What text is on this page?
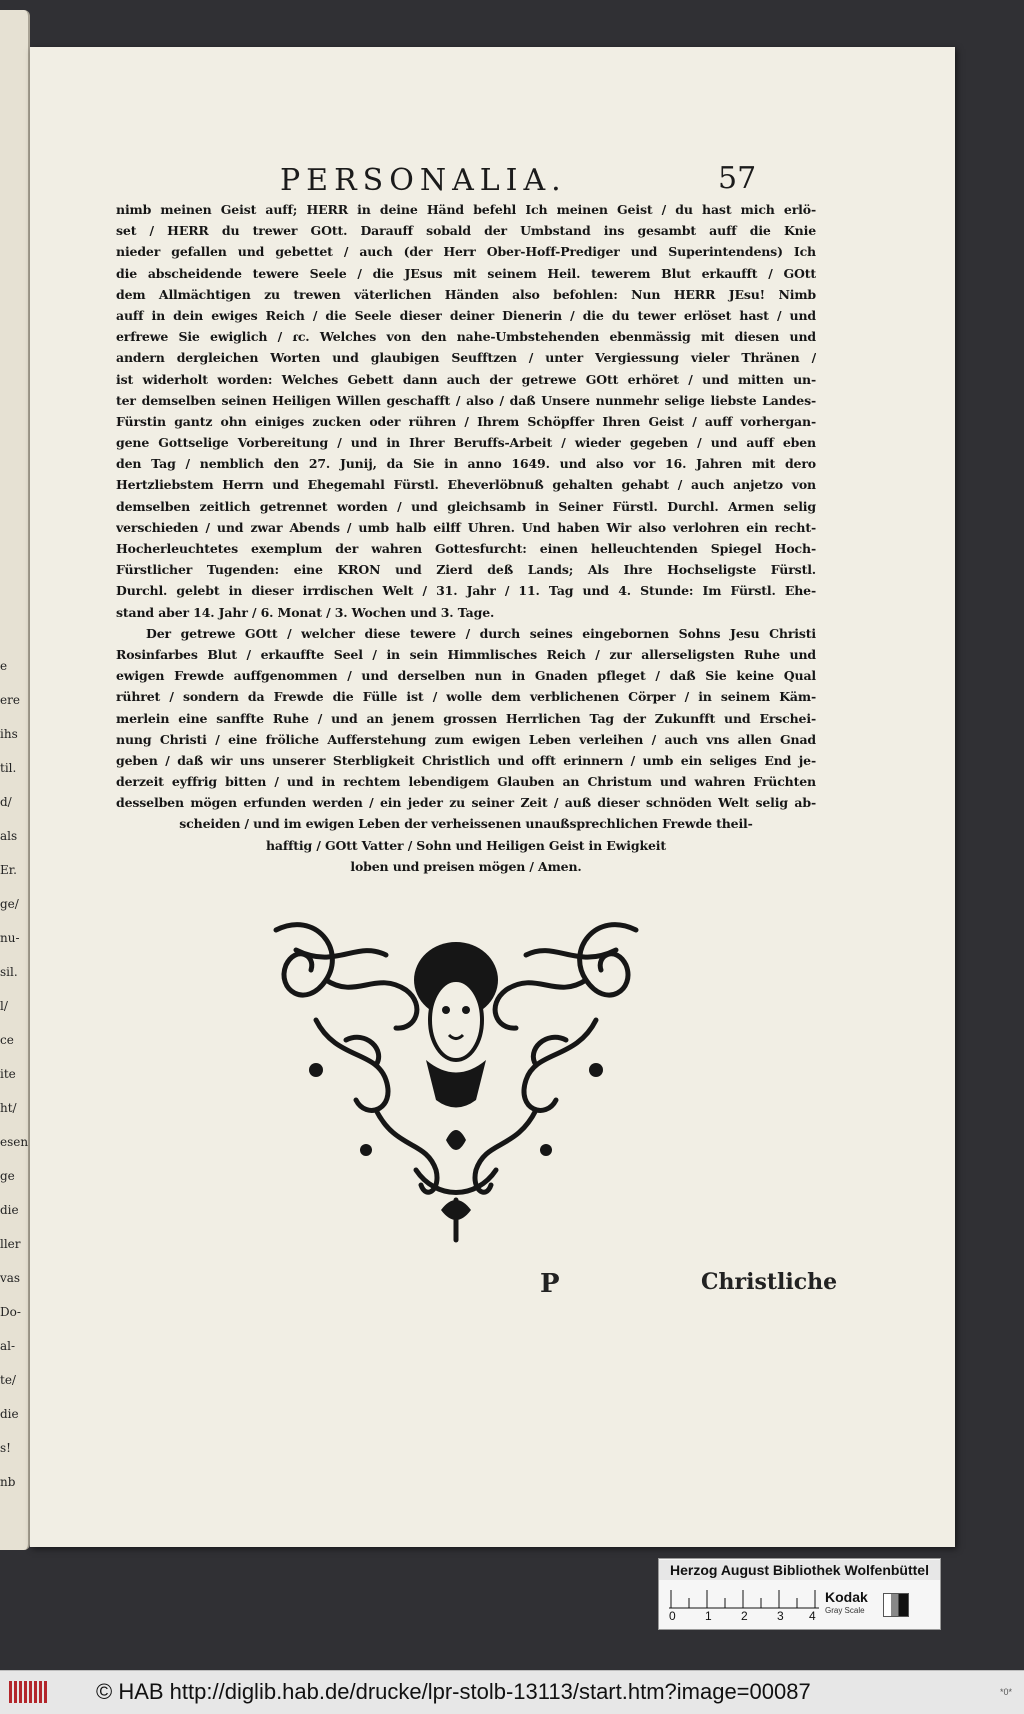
e
ere
ihs
til.
d/
als
Er.
ge/
nu-
sil.
l/
ce
ite
ht/
esen
ge
die
ller
vas
Do-
al-
te/
die
s!
nb
PERSONALIA.	57
nimb meinen Geist auff; HERR in deine Händ befehl Ich meinen Geist / du hast mich erlö-
set / HERR du trewer GOtt. Darauff sobald der Umbstand ins gesambt auff die Knie
nieder gefallen und gebettet / auch (der Herr Ober-Hoff-Prediger und Superintendens) Ich
die abscheidende tewere Seele / die JEsus mit seinem Heil. tewerem Blut erkaufft / GOtt
dem Allmächtigen zu trewen väterlichen Händen also befohlen: Nun HERR JEsu! Nimb
auff in dein ewiges Reich / die Seele dieser deiner Dienerin / die du tewer erlöset hast / und
erfrewe Sie ewiglich / ɾc. Welches von den nahe-Umbstehenden ebenmässig mit diesen und
andern dergleichen Worten und glaubigen Seufftzen / unter Vergiessung vieler Thränen /
ist widerholt worden: Welches Gebett dann auch der getrewe GOtt erhöret / und mitten un-
ter demselben seinen Heiligen Willen geschafft / also / daß Unsere nunmehr selige liebste Landes-
Fürstin gantz ohn einiges zucken oder rühren / Ihrem Schöpffer Ihren Geist / auff vorhergan-
gene Gottselige Vorbereitung / und in Ihrer Beruffs-Arbeit / wieder gegeben / und auff eben
den Tag / nemblich den 27. Junij, da Sie in anno 1649. und also vor 16. Jahren mit dero
Hertzliebstem Herrn und Ehegemahl Fürstl. Eheverlöbnuß gehalten gehabt / auch anjetzo von
demselben zeitlich getrennet worden / und gleichsamb in Seiner Fürstl. Durchl. Armen selig
verschieden / und zwar Abends / umb halb eilff Uhren. Und haben Wir also verlohren ein recht-
Hocherleuchtetes exemplum der wahren Gottesfurcht: einen helleuchtenden Spiegel Hoch-
Fürstlicher Tugenden: eine KRON und Zierd deß Lands; Als Ihre Hochseligste Fürstl.
Durchl. gelebt in dieser irrdischen Welt / 31. Jahr / 11. Tag und 4. Stunde: Im Fürstl. Ehe-
stand aber 14. Jahr / 6. Monat / 3. Wochen und 3. Tage.
Der getrewe GOtt / welcher diese tewere / durch seines eingebornen Sohns Jesu Christi
Rosinfarbes Blut / erkauffte Seel / in sein Himmlisches Reich / zur allerseligsten Ruhe und
ewigen Frewde auffgenommen / und derselben nun in Gnaden pfleget / daß Sie keine Qual
rühret / sondern da Frewde die Fülle ist / wolle dem verblichenen Cörper / in seinem Käm-
merlein eine sanffte Ruhe / und an jenem grossen Herrlichen Tag der Zukunfft und Erschei-
nung Christi / eine fröliche Aufferstehung zum ewigen Leben verleihen / auch vns allen Gnad
geben / daß wir uns unserer Sterbligkeit Christlich und offt erinnern / umb ein seliges End je-
derzeit eyffrig bitten / und in rechtem lebendigem Glauben an Christum und wahren Früchten
desselben mögen erfunden werden / ein jeder zu seiner Zeit / auß dieser schnöden Welt selig ab-
scheiden / und im ewigen Leben der verheissenen unaußsprechlichen Frewde theil-
hafftig / GOtt Vatter / Sohn und Heiligen Geist in Ewigkeit
loben und preisen mögen / Amen.
P	Christliche
Herzog August Bibliothek Wolfenbüttel
0 1 2 3 4
Kodak
Gray Scale
© HAB http://diglib.hab.de/drucke/lpr-stolb-13113/start.htm?image=00087	*0*
